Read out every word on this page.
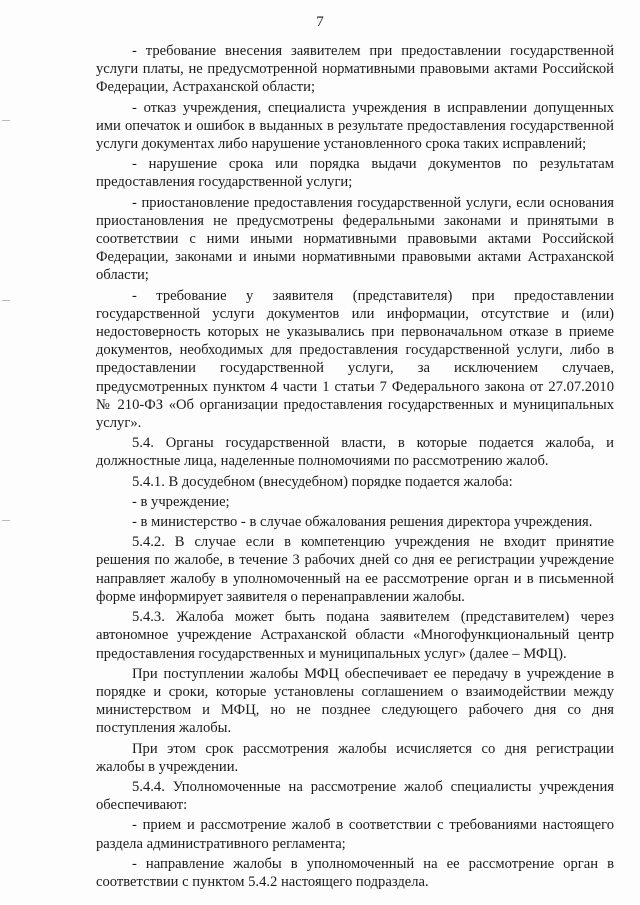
7

- требование внесения заявителем при предоставлении государственной услуги платы, не предусмотренной нормативными правовыми актами Российской Федерации, Астраханской области;

- отказ учреждения, специалиста учреждения в исправлении допущенных ими опечаток и ошибок в выданных в результате предоставления государственной услуги документах либо нарушение установленного срока таких исправлений;

- нарушение срока или порядка выдачи документов по результатам предоставления государственной услуги;

- приостановление предоставления государственной услуги, если основания приостановления не предусмотрены федеральными законами и принятыми в соответствии с ними иными нормативными правовыми актами Российской Федерации, законами и иными нормативными правовыми актами Астраханской области;

- требование у заявителя (представителя) при предоставлении государственной услуги документов или информации, отсутствие и (или) недостоверность которых не указывались при первоначальном отказе в приеме документов, необходимых для предоставления государственной услуги, либо в предоставлении государственной услуги, за исключением случаев, предусмотренных пунктом 4 части 1 статьи 7 Федерального закона от 27.07.2010 № 210-ФЗ «Об организации предоставления государственных и муниципальных услуг».

5.4. Органы государственной власти, в которые подается жалоба, и должностные лица, наделенные полномочиями по рассмотрению жалоб.

5.4.1. В досудебном (внесудебном) порядке подается жалоба:

- в учреждение;

- в министерство - в случае обжалования решения директора учреждения.

5.4.2. В случае если в компетенцию учреждения не входит принятие решения по жалобе, в течение 3 рабочих дней со дня ее регистрации учреждение направляет жалобу в уполномоченный на ее рассмотрение орган и в письменной форме информирует заявителя о перенаправлении жалобы.

5.4.3. Жалоба может быть подана заявителем (представителем) через автономное учреждение Астраханской области «Многофункциональный центр предоставления государственных и муниципальных услуг» (далее – МФЦ).

При поступлении жалобы МФЦ обеспечивает ее передачу в учреждение в порядке и сроки, которые установлены соглашением о взаимодействии между министерством и МФЦ, но не позднее следующего рабочего дня со дня поступления жалобы.

При этом срок рассмотрения жалобы исчисляется со дня регистрации жалобы в учреждении.

5.4.4. Уполномоченные на рассмотрение жалоб специалисты учреждения обеспечивают:

- прием и рассмотрение жалоб в соответствии с требованиями настоящего раздела административного регламента;

- направление жалобы в уполномоченный на ее рассмотрение орган в соответствии с пунктом 5.4.2 настоящего подраздела.
